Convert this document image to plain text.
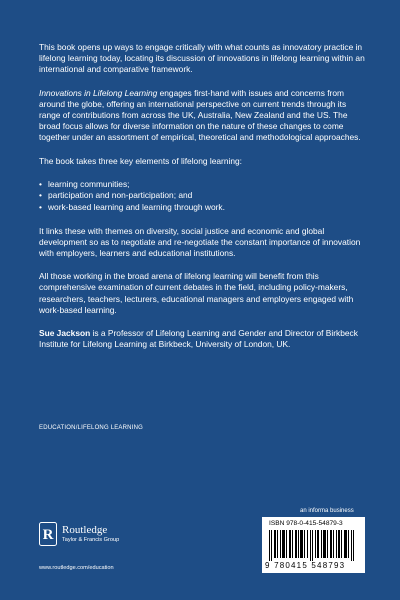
This book opens up ways to engage critically with what counts as innovatory practice in lifelong learning today, locating its discussion of innovations in lifelong learning within an international and comparative framework.

Innovations in Lifelong Learning engages first-hand with issues and concerns from around the globe, offering an international perspective on current trends through its range of contributions from across the UK, Australia, New Zealand and the US. The broad focus allows for diverse information on the nature of these changes to come together under an assortment of empirical, theoretical and methodological approaches.

The book takes three key elements of lifelong learning:

• learning communities;
• participation and non-participation; and
• work-based learning and learning through work.

It links these with themes on diversity, social justice and economic and global development so as to negotiate and re-negotiate the constant importance of innovation with employers, learners and educational institutions.

All those working in the broad arena of lifelong learning will benefit from this comprehensive examination of current debates in the field, including policy-makers, researchers, teachers, lecturers, educational managers and employers engaged with work-based learning.

Sue Jackson is a Professor of Lifelong Learning and Gender and Director of Birkbeck Institute for Lifelong Learning at Birkbeck, University of London, UK.

EDUCATION/LIFELONG LEARNING
an informa business
ISBN 978-0-415-54879-3
9 780415 548793
R Routledge
Taylor & Francis Group
www.routledge.com/education
